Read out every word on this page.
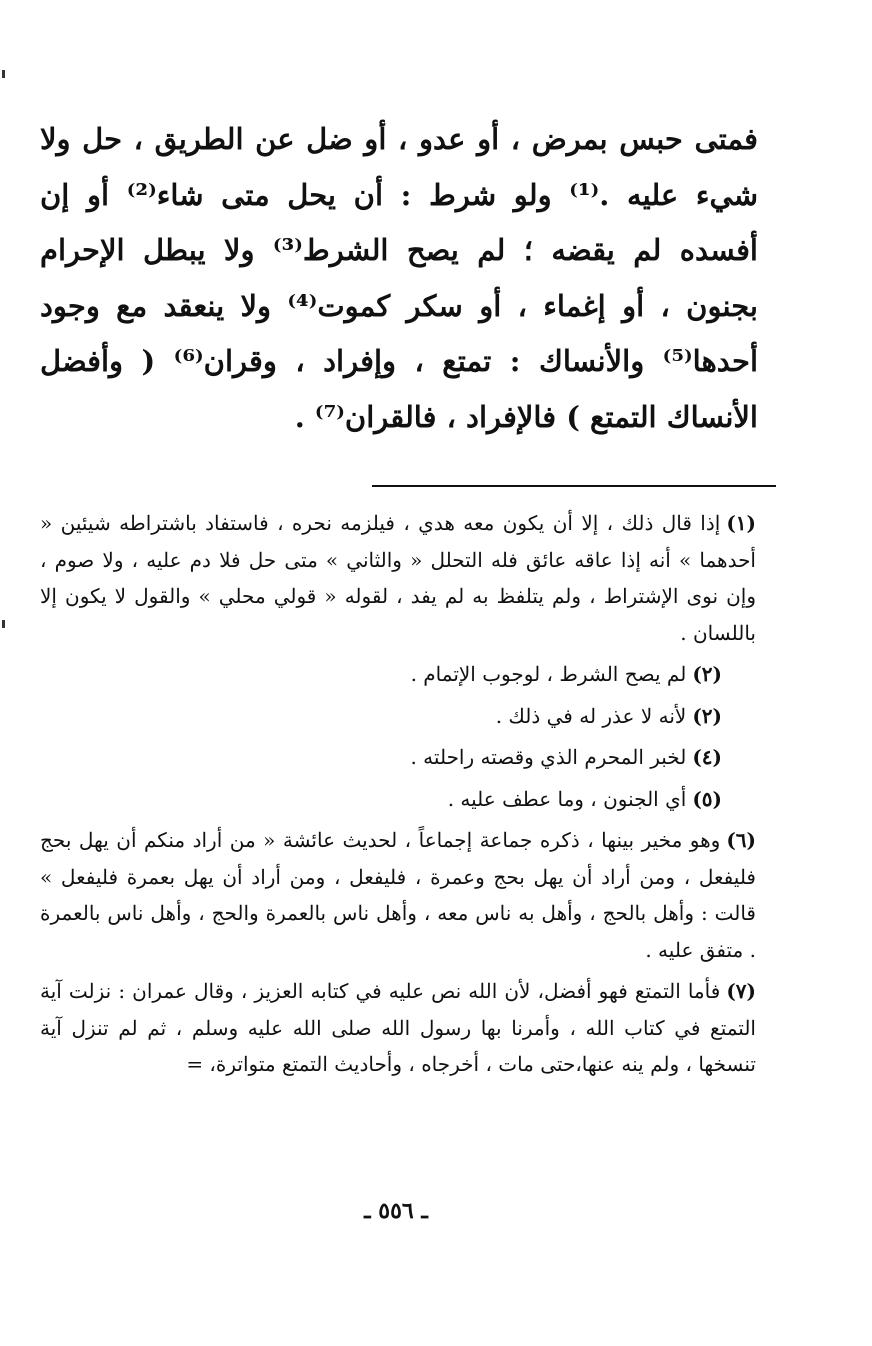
فمتى حبس بمرض ، أو عدو ، أو ضل عن الطريق ، حل ولا شيء عليه .⁽¹⁾ ولو شرط : أن يحل متى شاء⁽²⁾ أو إن أفسده لم يقضه ؛ لم يصح الشرط⁽³⁾ ولا يبطل الإحرام بجنون ، أو إغماء ، أو سكر كموت⁽⁴⁾ ولا ينعقد مع وجود أحدها⁽⁵⁾ والأنساك : تمتع ، وإفراد ، وقران⁽⁶⁾ ( وأفضل الأنساك التمتع ) فالإفراد ، فالقران⁽⁷⁾ .

(١)إذا قال ذلك ، إلا أن يكون معه هدي ، فيلزمه نحره ، فاستفاد باشتراطه شيئين « أحدهما » أنه إذا عاقه عائق فله التحلل « والثاني » متى حل فلا دم عليه ، ولا صوم ، وإن نوى الإشتراط ، ولم يتلفظ به لم يفد ، لقوله « قولي محلي » والقول لا يكون إلا باللسان .

(٢)لم يصح الشرط ، لوجوب الإتمام .

(٢)لأنه لا عذر له في ذلك .

(٤)لخبر المحرم الذي وقصته راحلته .

(٥)أي الجنون ، وما عطف عليه .

(٦)وهو مخير بينها ، ذكره جماعة إجماعاً ، لحديث عائشة « من أراد منكم أن يهل بحج فليفعل ، ومن أراد أن يهل بحج وعمرة ، فليفعل ، ومن أراد أن يهل بعمرة فليفعل » قالت : وأهل بالحج ، وأهل به ناس معه ، وأهل ناس بالعمرة والحج ، وأهل ناس بالعمرة . متفق عليه .

(٧)فأما التمتع فهو أفضل، لأن الله نص عليه في كتابه العزيز ، وقال عمران : نزلت آية التمتع في كتاب الله ، وأمرنا بها رسول الله صلى الله عليه وسلم ، ثم لم تنزل آية تنسخها ، ولم ينه عنها،حتى مات ، أخرجاه ، وأحاديث التمتع متواترة، =

ـ ٥٥٦ ـ
